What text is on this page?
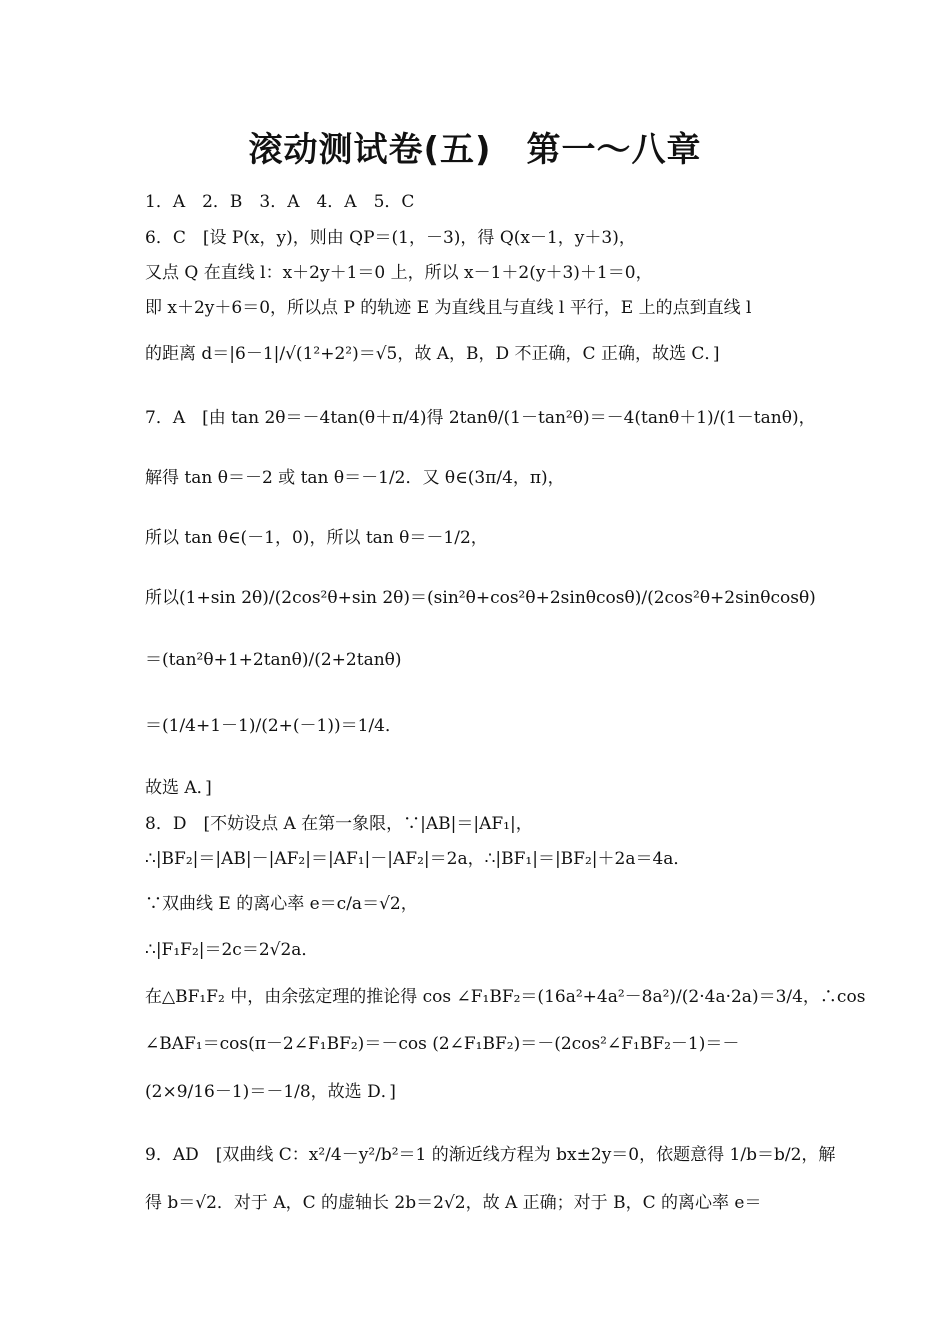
滚动测试卷(五)　第一～八章
1．A　2．B　3．A　4．A　5．C
6．C　[设 P(x，y)，则由 QP＝(1，－3)，得 Q(x－1，y＋3)，
又点 Q 在直线 l：x＋2y＋1＝0 上，所以 x－1＋2(y＋3)＋1＝0，
即 x＋2y＋6＝0，所以点 P 的轨迹 E 为直线且与直线 l 平行，E 上的点到直线 l
的距离 d＝|6－1|/√(1²+2²)＝√5，故 A，B，D 不正确，C 正确，故选 C．]
7．A　[由 tan 2θ＝－4tan(θ＋π/4)得 2tanθ/(1－tan²θ)＝－4(tanθ＋1)/(1－tanθ)，
解得 tan θ＝－2 或 tan θ＝－1/2．又 θ∈(3π/4，π)，
所以 tan θ∈(－1，0)，所以 tan θ＝－1/2，
所以(1+sin 2θ)/(2cos²θ+sin 2θ)＝(sin²θ+cos²θ+2sinθcosθ)/(2cos²θ+2sinθcosθ)
＝(tan²θ+1+2tanθ)/(2+2tanθ)
＝(1/4+1－1)/(2+(－1))＝1/4．
故选 A．]
8．D　[不妨设点 A 在第一象限，∵|AB|＝|AF₁|，
∴|BF₂|＝|AB|－|AF₂|＝|AF₁|－|AF₂|＝2a，∴|BF₁|＝|BF₂|＋2a＝4a．
∵双曲线 E 的离心率 e＝c/a＝√2，
∴|F₁F₂|＝2c＝2√2a．
在△BF₁F₂ 中，由余弦定理的推论得 cos ∠F₁BF₂＝(16a²+4a²－8a²)/(2·4a·2a)＝3/4，∴cos
∠BAF₁＝cos(π－2∠F₁BF₂)＝－cos (2∠F₁BF₂)＝－(2cos²∠F₁BF₂－1)＝－
(2×9/16－1)＝－1/8，故选 D．]
9．AD　[双曲线 C：x²/4－y²/b²＝1 的渐近线方程为 bx±2y＝0，依题意得 1/b＝b/2，解
得 b＝√2．对于 A，C 的虚轴长 2b＝2√2，故 A 正确；对于 B，C 的离心率 e＝
